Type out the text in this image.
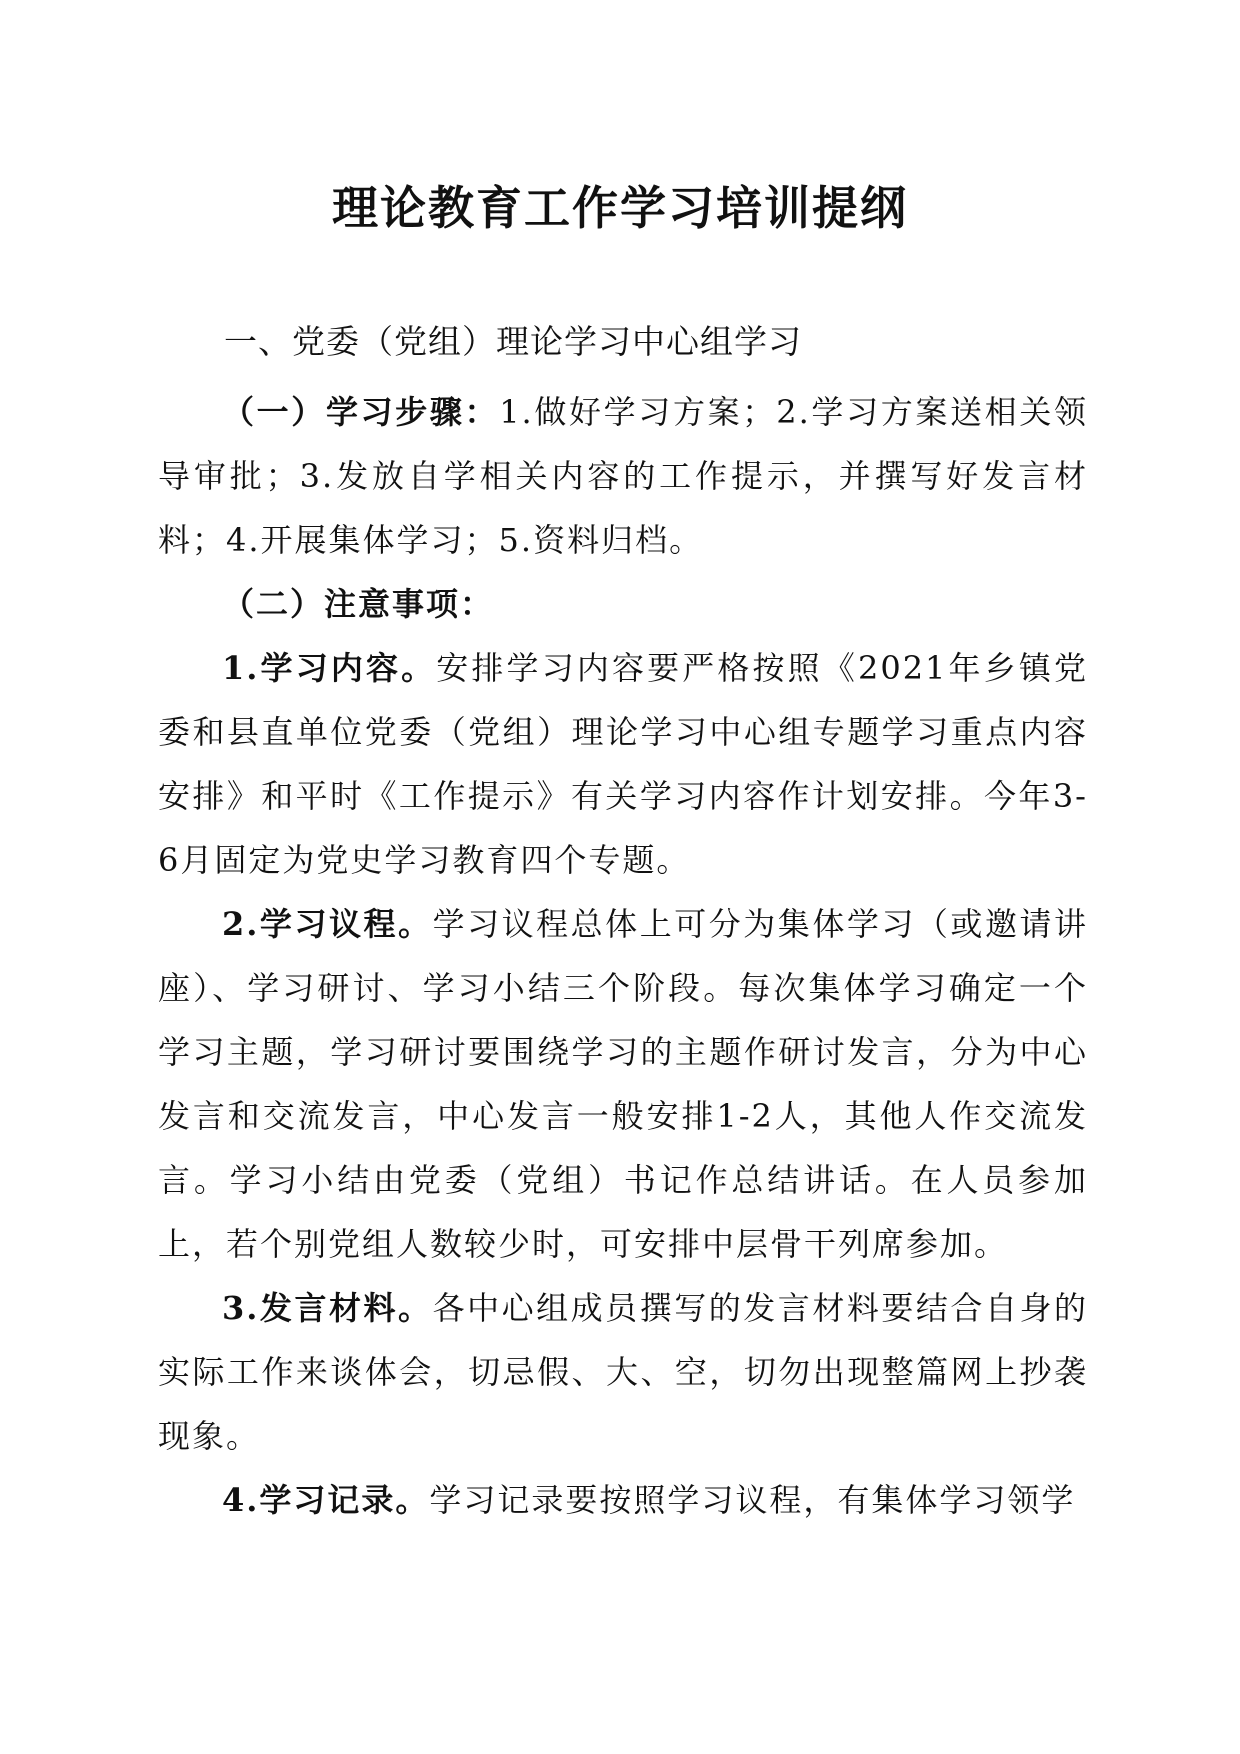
理论教育工作学习培训提纲
一、党委（党组）理论学习中心组学习

（一）学习步骤：1.做好学习方案；2.学习方案送相关领导审批；3.发放自学相关内容的工作提示，并撰写好发言材料；4.开展集体学习；5.资料归档。

（二）注意事项：

1.学习内容。安排学习内容要严格按照《2021年乡镇党委和县直单位党委（党组）理论学习中心组专题学习重点内容安排》和平时《工作提示》有关学习内容作计划安排。今年3-6月固定为党史学习教育四个专题。

2.学习议程。学习议程总体上可分为集体学习（或邀请讲座）、学习研讨、学习小结三个阶段。每次集体学习确定一个学习主题，学习研讨要围绕学习的主题作研讨发言，分为中心发言和交流发言，中心发言一般安排1-2人，其他人作交流发言。学习小结由党委（党组）书记作总结讲话。在人员参加上，若个别党组人数较少时，可安排中层骨干列席参加。

3.发言材料。各中心组成员撰写的发言材料要结合自身的实际工作来谈体会，切忌假、大、空，切勿出现整篇网上抄袭现象。

4.学习记录。学习记录要按照学习议程，有集体学习领学
